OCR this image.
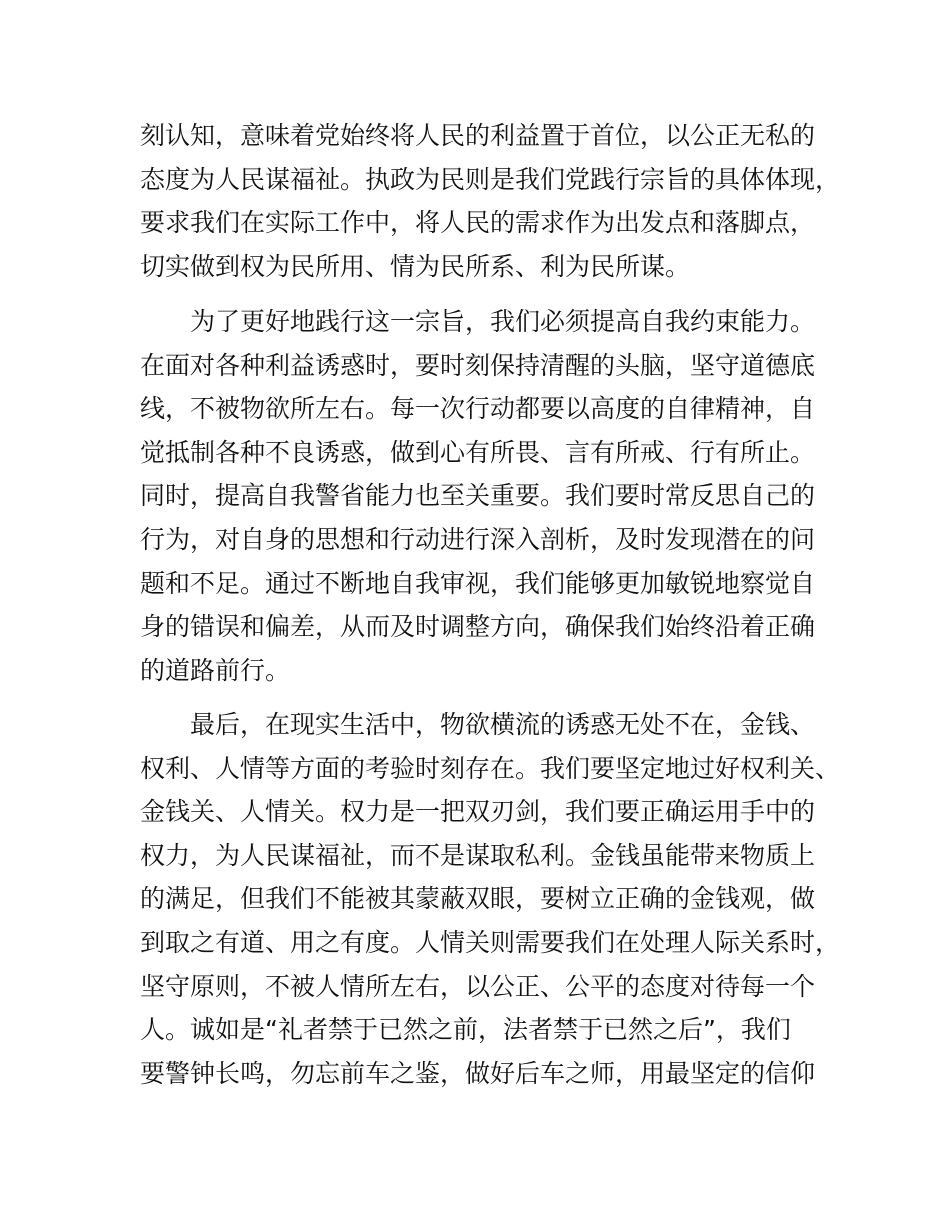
刻认知，意味着党始终将人民的利益置于首位，以公正无私的
态度为人民谋福祉。执政为民则是我们党践行宗旨的具体体现，
要求我们在实际工作中，将人民的需求作为出发点和落脚点，
切实做到权为民所用、情为民所系、利为民所谋。
为了更好地践行这一宗旨，我们必须提高自我约束能力。
在面对各种利益诱惑时，要时刻保持清醒的头脑，坚守道德底
线，不被物欲所左右。每一次行动都要以高度的自律精神，自
觉抵制各种不良诱惑，做到心有所畏、言有所戒、行有所止。
同时，提高自我警省能力也至关重要。我们要时常反思自己的
行为，对自身的思想和行动进行深入剖析，及时发现潜在的问
题和不足。通过不断地自我审视，我们能够更加敏锐地察觉自
身的错误和偏差，从而及时调整方向，确保我们始终沿着正确
的道路前行。
最后，在现实生活中，物欲横流的诱惑无处不在，金钱、
权利、人情等方面的考验时刻存在。我们要坚定地过好权利关、
金钱关、人情关。权力是一把双刃剑，我们要正确运用手中的
权力，为人民谋福祉，而不是谋取私利。金钱虽能带来物质上
的满足，但我们不能被其蒙蔽双眼，要树立正确的金钱观，做
到取之有道、用之有度。人情关则需要我们在处理人际关系时，
坚守原则，不被人情所左右，以公正、公平的态度对待每一个
人。诚如是“礼者禁于已然之前，法者禁于已然之后”，我们
要警钟长鸣，勿忘前车之鉴，做好后车之师，用最坚定的信仰
